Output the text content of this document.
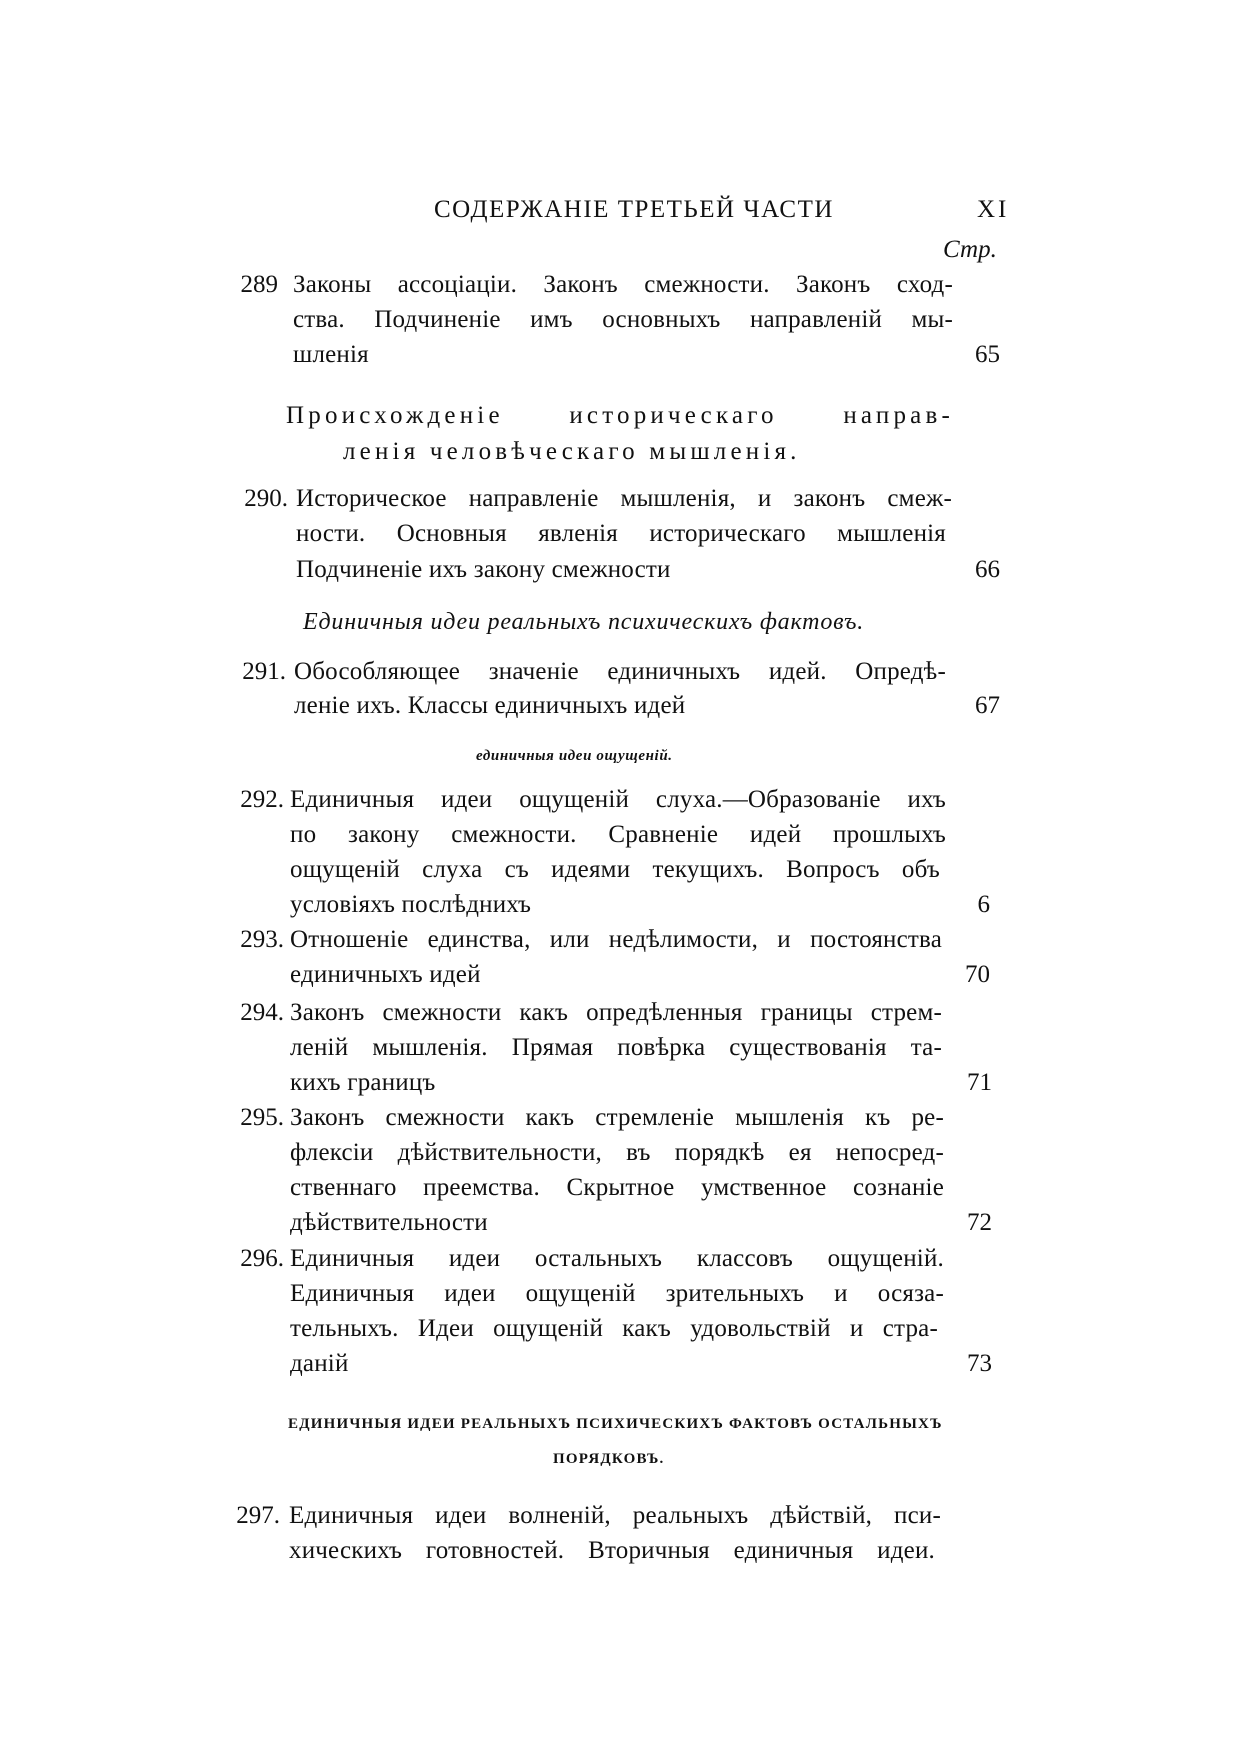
СОДЕРЖАНІЕ ТРЕТЬЕЙ ЧАСТИ	XI
Стр.
289 Законы ассоціаціи. Законъ смежности. Законъ сход-
ства. Подчиненіе имъ основныхъ направленій мы-
шленія	65
Происхожденіе историческаго направ-
ленія человѣческаго мышленія.
290. Историческое направленіе мышленія, и законъ смеж-
ности. Основныя явленія историческаго мышленія
Подчиненіе ихъ закону смежности	66
Единичныя идеи реальныхъ психическихъ фактовъ.
291. Обособляющее значеніе единичныхъ идей. Опредѣ-
леніе ихъ. Классы единичныхъ идей	67
единичныя идеи ощущеній.
292. Единичныя идеи ощущеній слуха.—Образованіе ихъ
по закону смежности. Сравненіе идей прошлыхъ
ощущеній слуха съ идеями текущихъ. Вопросъ объ
условіяхъ послѣднихъ	6
293. Отношеніе единства, или недѣлимости, и постоянства
единичныхъ идей	70
294. Законъ смежности какъ опредѣленныя границы стрем-
леній мышленія. Прямая повѣрка существованія та-
кихъ границъ	71
295. Законъ смежности какъ стремленіе мышленія къ ре-
флексіи дѣйствительности, въ порядкѣ ея непосред-
ственнаго преемства. Скрытное умственное сознаніе
дѣйствительности	72
296. Единичныя идеи остальныхъ классовъ ощущеній.
Единичныя идеи ощущеній зрительныхъ и осяза-
тельныхъ. Идеи ощущеній какъ удовольствій и стра-
даній	73
ЕДИНИЧНЫЯ ИДЕИ РЕАЛЬНЫХЪ ПСИХИЧЕСКИХЪ ФАКТОВЪ ОСТАЛЬНЫХЪ
ПОРЯДКОВЪ.
297. Единичныя идеи волненій, реальныхъ дѣйствій, пси-
хическихъ готовностей. Вторичныя единичныя идеи.
